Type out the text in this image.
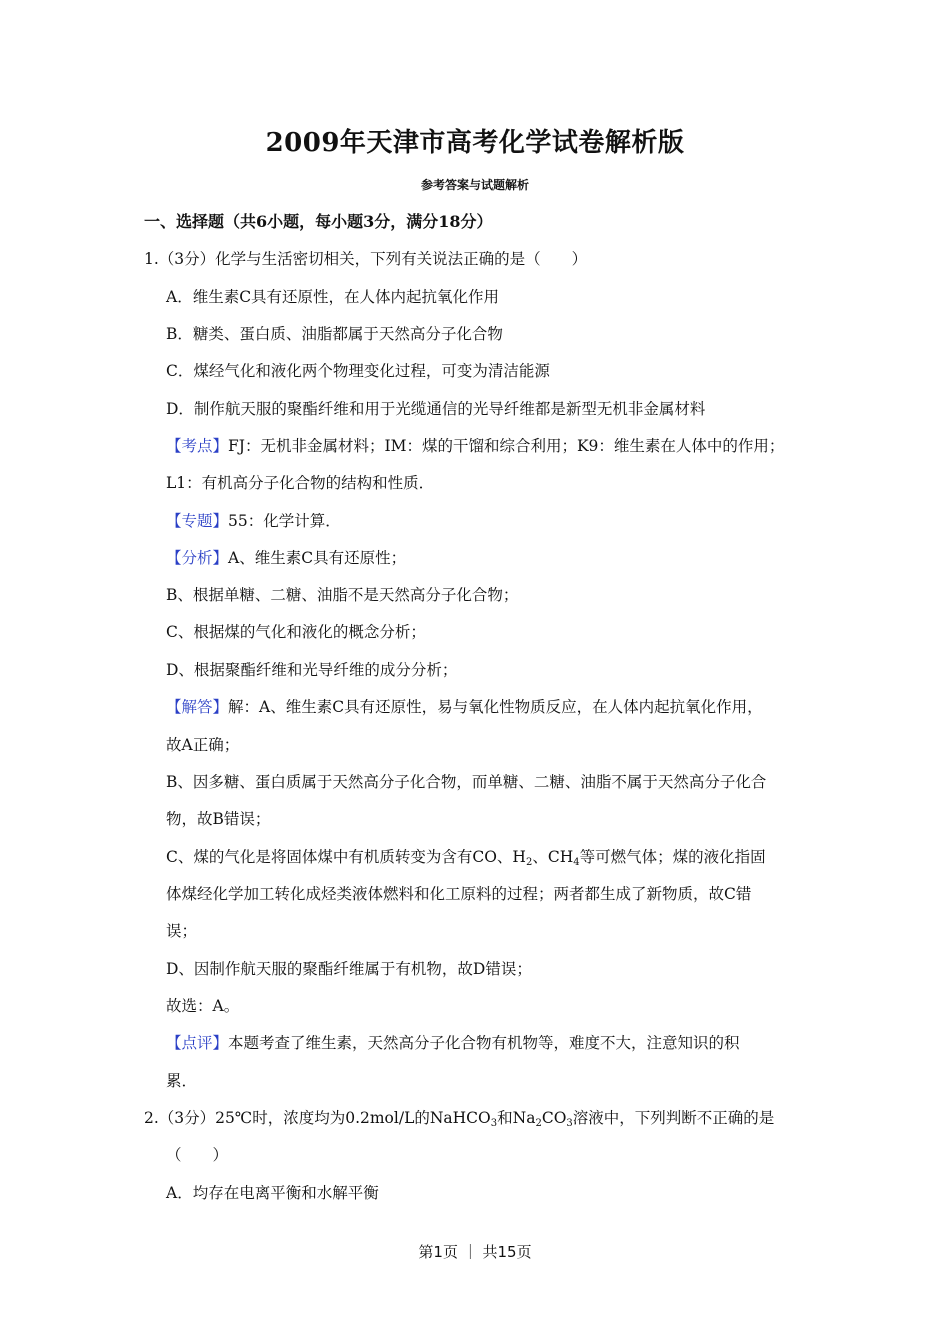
2009年天津市高考化学试卷解析版
参考答案与试题解析
一、选择题（共6小题，每小题3分，满分18分）
1.（3分）化学与生活密切相关，下列有关说法正确的是（　　）
A．维生素C具有还原性，在人体内起抗氧化作用
B．糖类、蛋白质、油脂都属于天然高分子化合物
C．煤经气化和液化两个物理变化过程，可变为清洁能源
D．制作航天服的聚酯纤维和用于光缆通信的光导纤维都是新型无机非金属材料
【考点】FJ：无机非金属材料；IM：煤的干馏和综合利用；K9：维生素在人体中的作用；
L1：有机高分子化合物的结构和性质．
【专题】55：化学计算．
【分析】A、维生素C具有还原性；
B、根据单糖、二糖、油脂不是天然高分子化合物；
C、根据煤的气化和液化的概念分析；
D、根据聚酯纤维和光导纤维的成分分析；
【解答】解：A、维生素C具有还原性，易与氧化性物质反应，在人体内起抗氧化作用，
故A正确；
B、因多糖、蛋白质属于天然高分子化合物，而单糖、二糖、油脂不属于天然高分子化合
物，故B错误；
C、煤的气化是将固体煤中有机质转变为含有CO、$H_2$、$CH_4$等可燃气体；煤的液化指固
体煤经化学加工转化成烃类液体燃料和化工原料的过程；两者都生成了新物质，故C错
误；
D、因制作航天服的聚酯纤维属于有机物，故D错误；
故选：A。
【点评】本题考查了维生素，天然高分子化合物有机物等，难度不大，注意知识的积
累．
2.（3分）25℃时，浓度均为0.2mol/L的NaHCO$_3$和$Na_2CO_3$溶液中，下列判断不正确的是
（　　）
A．均存在电离平衡和水解平衡
第1页 ｜ 共15页
